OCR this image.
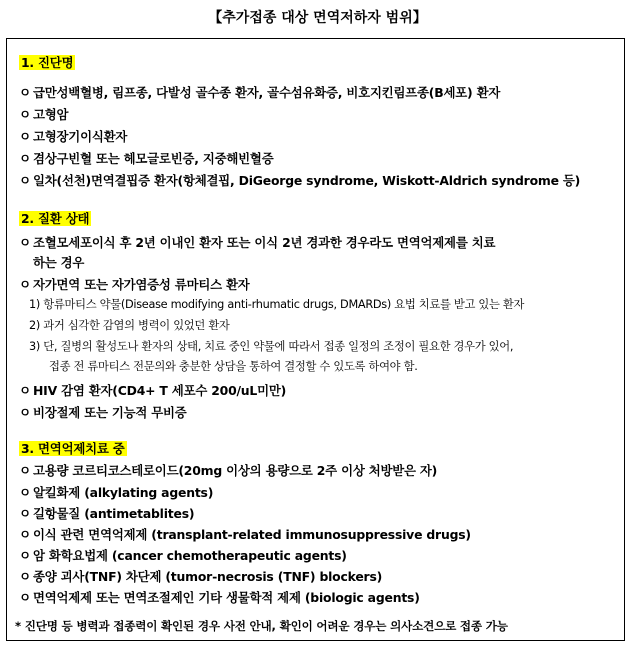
【추가접종 대상 면역저하자 범위】
1. 진단명
ㅇ 급만성백혈병, 림프종, 다발성 골수종 환자, 골수섬유화증, 비호지킨림프종(B세포) 환자
ㅇ 고형암
ㅇ 고형장기이식환자
ㅇ 겸상구빈혈 또는 헤모글로빈증, 지중해빈혈증
ㅇ 일차(선천)면역결핍증 환자(항체결핍, DiGeorge syndrome, Wiskott-Aldrich syndrome 등)
2. 질환 상태
ㅇ 조혈모세포이식 후 2년 이내인 환자 또는 이식 2년 경과한 경우라도 면역억제제를 치료
하는 경우
ㅇ 자가면역 또는 자가염증성 류마티스 환자
1) 항류마티스 약물(Disease modifying anti-rhumatic drugs, DMARDs) 요법 치료를 받고 있는 환자
2) 과거 심각한 감염의 병력이 있었던 환자
3) 단, 질병의 활성도나 환자의 상태, 치료 중인 약물에 따라서 접종 일정의 조정이 필요한 경우가 있어,
접종 전 류마티스 전문의와 충분한 상담을 통하여 결정할 수 있도록 하여야 함.
ㅇ HIV 감염 환자(CD4+ T 세포수 200/uL미만)
ㅇ 비장절제 또는 기능적 무비증
3. 면역억제치료 중
ㅇ 고용량 코르티코스테로이드(20mg 이상의 용량으로 2주 이상 처방받은 자)
ㅇ 알킬화제 (alkylating agents)
ㅇ 길항물질 (antimetablites)
ㅇ 이식 관련 면역억제제 (transplant-related immunosuppressive drugs)
ㅇ 암 화학요법제 (cancer chemotherapeutic agents)
ㅇ 종양 괴사(TNF) 차단제 (tumor-necrosis (TNF) blockers)
ㅇ 면역억제제 또는 면역조절제인 기타 생물학적 제제 (biologic agents)
* 진단명 등 병력과 접종력이 확인된 경우 사전 안내, 확인이 어려운 경우는 의사소견으로 접종 가능
